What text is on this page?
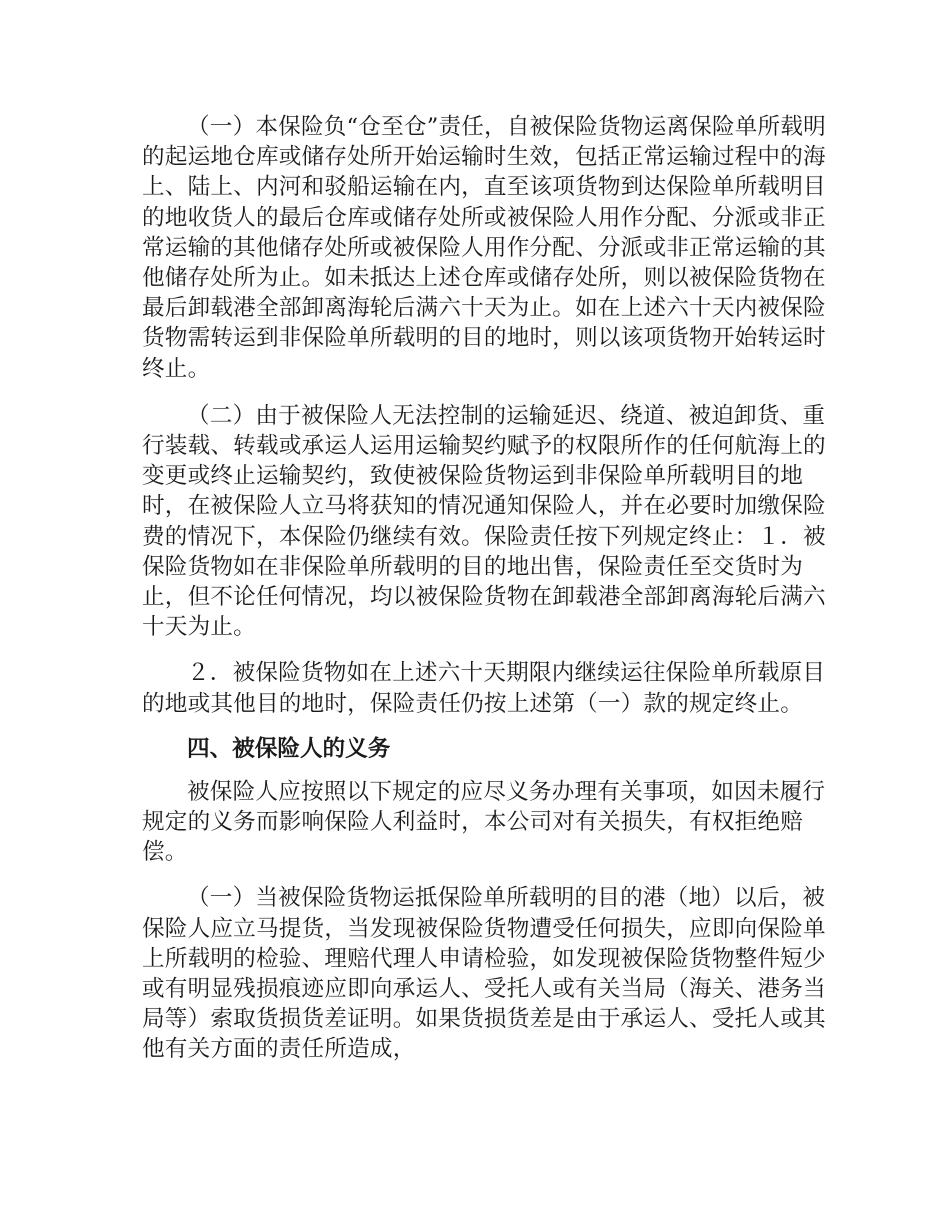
（一）本保险负“仓至仓”责任，自被保险货物运离保险单所载明的起运地仓库或储存处所开始运输时生效，包括正常运输过程中的海上、陆上、内河和驳船运输在内，直至该项货物到达保险单所载明目的地收货人的最后仓库或储存处所或被保险人用作分配、分派或非正常运输的其他储存处所或被保险人用作分配、分派或非正常运输的其他储存处所为止。如未抵达上述仓库或储存处所，则以被保险货物在最后卸载港全部卸离海轮后满六十天为止。如在上述六十天内被保险货物需转运到非保险单所载明的目的地时，则以该项货物开始转运时终止。

（二）由于被保险人无法控制的运输延迟、绕道、被迫卸货、重行装载、转载或承运人运用运输契约赋予的权限所作的任何航海上的变更或终止运输契约，致使被保险货物运到非保险单所载明目的地时，在被保险人立马将获知的情况通知保险人，并在必要时加缴保险费的情况下，本保险仍继续有效。保险责任按下列规定终止：１．被保险货物如在非保险单所载明的目的地出售，保险责任至交货时为止，但不论任何情况，均以被保险货物在卸载港全部卸离海轮后满六十天为止。

２．被保险货物如在上述六十天期限内继续运往保险单所载原目的地或其他目的地时，保险责任仍按上述第（一）款的规定终止。

四、被保险人的义务

被保险人应按照以下规定的应尽义务办理有关事项，如因未履行规定的义务而影响保险人利益时，本公司对有关损失，有权拒绝赔偿。

（一）当被保险货物运抵保险单所载明的目的港（地）以后，被保险人应立马提货，当发现被保险货物遭受任何损失，应即向保险单上所载明的检验、理赔代理人申请检验，如发现被保险货物整件短少或有明显残损痕迹应即向承运人、受托人或有关当局（海关、港务当局等）索取货损货差证明。如果货损货差是由于承运人、受托人或其他有关方面的责任所造成，
